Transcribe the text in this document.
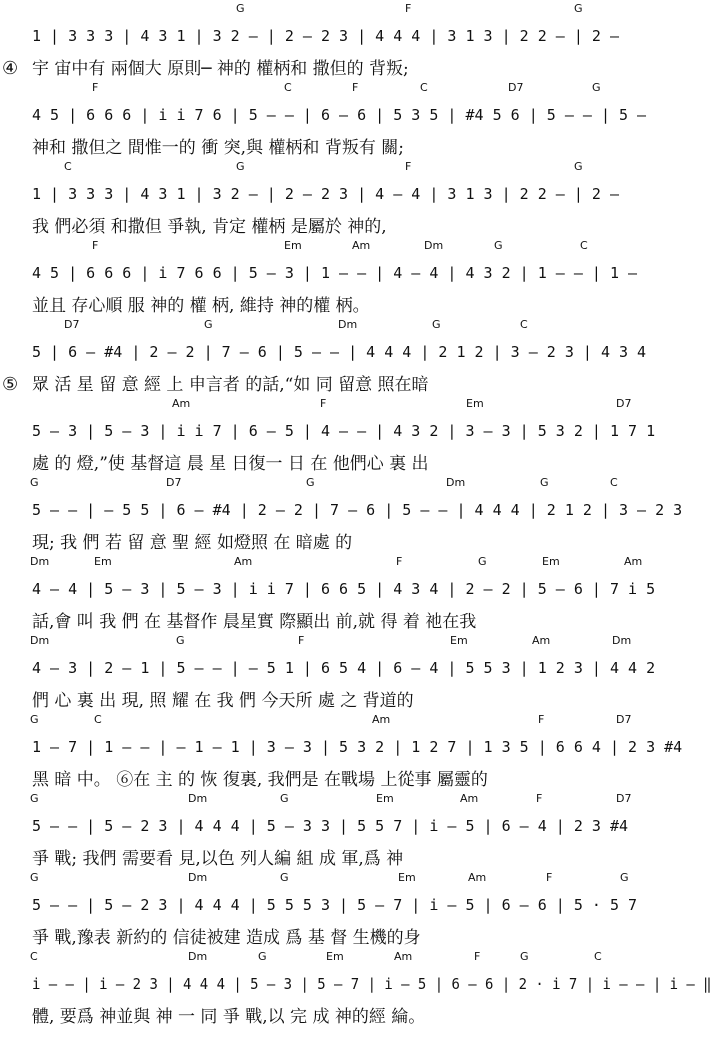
G	F	G
1 | 3 3 3 | 4 3 1 | 3 2 — | 2 — 2 3 | 4 4 4 | 3 1 3 | 2 2 — | 2 —
④ 宇 宙中有 兩個大 原則─ 神的 權柄和 撒但的 背叛;
F	C	F	C	D7	G
4 5 | 6 6 6 | i i 7 6 | 5 — — | 6 — 6 | 5 3 5 | #4 5 6 | 5 — — | 5 —
神和 撒但之 間惟一的 衝 突,與 權柄和 背叛有 關;
C	G	F	G
1 | 3 3 3 | 4 3 1 | 3 2 — | 2 — 2 3 | 4 — 4 | 3 1 3 | 2 2 — | 2 —
我 們必須 和撒但 爭執, 肯定 權柄 是屬於 神的,
F	Em	Am	Dm	G	C
4 5 | 6 6 6 | i 7 6 6 | 5 — 3 | 1 — — | 4 — 4 | 4 3 2 | 1 — — | 1 —
並且 存心順 服 神的 權 柄, 維持 神的權 柄。
D7	G	Dm	G	C
5 | 6 — #4 | 2 — 2 | 7 — 6 | 5 — — | 4 4 4 | 2 1 2 | 3 — 2 3 | 4 3 4
⑤ 眾 活 星 留 意 經 上 申言者 的話,“如 同 留意 照在暗
Am	F	Em	D7
5 — 3 | 5 — 3 | i i 7 | 6 — 5 | 4 — — | 4 3 2 | 3 — 3 | 5 3 2 | 1 7 1
處 的 燈,”使 基督這 晨 星 日復一 日 在 他們心 裏 出
G	D7	G	Dm	G	C
5 — — | — 5 5 | 6 — #4 | 2 — 2 | 7 — 6 | 5 — — | 4 4 4 | 2 1 2 | 3 — 2 3
現; 我 們 若 留 意 聖 經 如燈照 在 暗處 的
Dm	Em	Am	F	G	Em	Am
4 — 4 | 5 — 3 | 5 — 3 | i i 7 | 6 6 5 | 4 3 4 | 2 — 2 | 5 — 6 | 7 i 5
話,會 叫 我 們 在 基督作 晨星實 際顯出 前,就 得 着 祂在我
Dm	G	F	Em	Am	Dm
4 — 3 | 2 — 1 | 5 — — | — 5 1 | 6 5 4 | 6 — 4 | 5 5 3 | 1 2 3 | 4 4 2
們 心 裏 出 現, 照 耀 在 我 們 今天所 處 之 背道的
G	C	Am	F	D7
1 — 7 | 1 — — | — 1 — 1 | 3 — 3 | 5 3 2 | 1 2 7 | 1 3 5 | 6 6 4 | 2 3 #4
黑 暗 中。 ⑥在 主 的 恢 復裏, 我們是 在戰場 上從事 屬靈的
G	Dm	G	Em	Am	F	D7
5 — — | 5 — 2 3 | 4 4 4 | 5 — 3 3 | 5 5 7 | i — 5 | 6 — 4 | 2 3 #4
爭 戰; 我們 需要看 見,以色 列人編 組 成 軍,爲 神
G	Dm	G	Em	Am	F	G
5 — — | 5 — 2 3 | 4 4 4 | 5 5 5 3 | 5 — 7 | i — 5 | 6 — 6 | 5 · 5 7
爭 戰,豫表 新約的 信徒被建 造成 爲 基 督 生機的身
C	Dm	G	Em	Am	F	G	C
i — — | i — 2 3 | 4 4 4 | 5 — 3 | 5 — 7 | i — 5 | 6 — 6 | 2 · i 7 | i — — | i — ‖
體, 要爲 神並與 神 一 同 爭 戰,以 完 成 神的經 綸。
